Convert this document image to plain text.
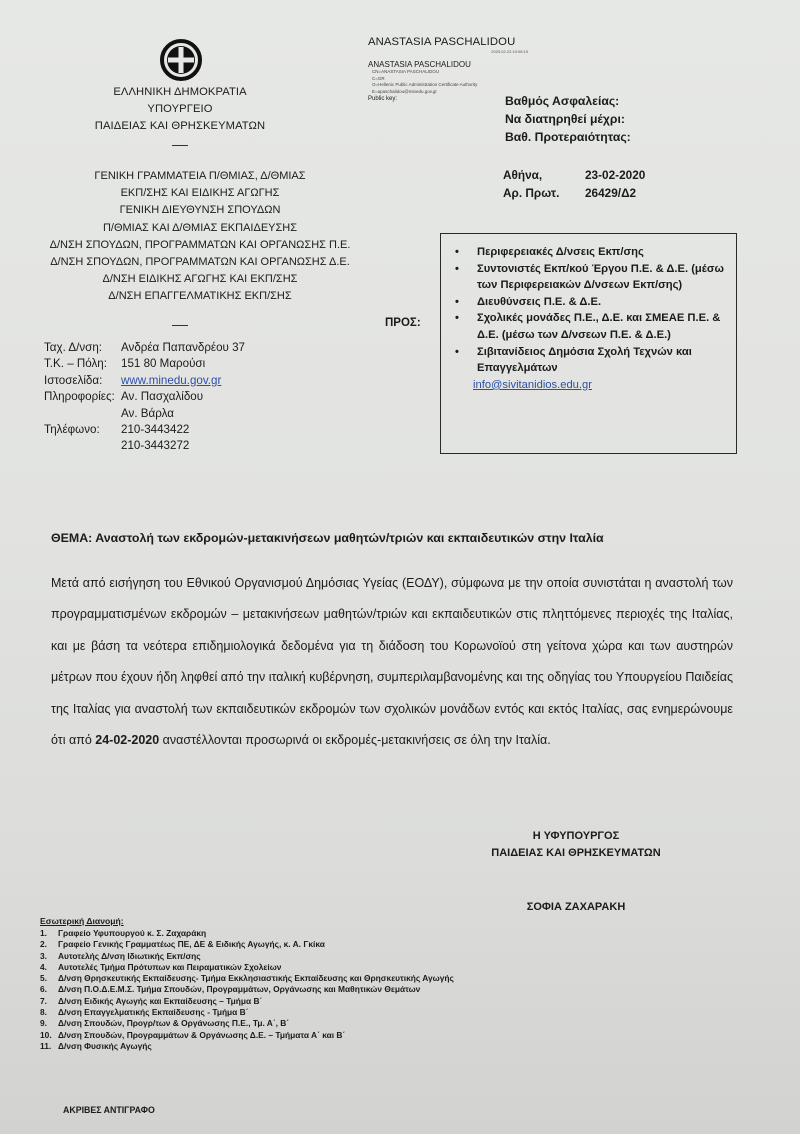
ΕΛΛΗΝΙΚΗ ΔΗΜΟΚΡΑΤΙΑ
ΥΠΟΥΡΓΕΙΟ
ΠΑΙΔΕΙΑΣ ΚΑΙ ΘΡΗΣΚΕΥΜΑΤΩΝ
ΓΕΝΙΚΗ ΓΡΑΜΜΑΤΕΙΑ Π/ΘΜΙΑΣ, Δ/ΘΜΙΑΣ
ΕΚΠ/ΣΗΣ ΚΑΙ ΕΙΔΙΚΗΣ ΑΓΩΓΗΣ
ΓΕΝΙΚΗ ΔΙΕΥΘΥΝΣΗ ΣΠΟΥΔΩΝ
Π/ΘΜΙΑΣ ΚΑΙ Δ/ΘΜΙΑΣ ΕΚΠΑΙΔΕΥΣΗΣ
Δ/ΝΣΗ ΣΠΟΥΔΩΝ, ΠΡΟΓΡΑΜΜΑΤΩΝ ΚΑΙ ΟΡΓΑΝΩΣΗΣ Π.Ε.
Δ/ΝΣΗ ΣΠΟΥΔΩΝ, ΠΡΟΓΡΑΜΜΑΤΩΝ ΚΑΙ ΟΡΓΑΝΩΣΗΣ Δ.Ε.
Δ/ΝΣΗ ΕΙΔΙΚΗΣ ΑΓΩΓΗΣ ΚΑΙ ΕΚΠ/ΣΗΣ
Δ/ΝΣΗ ΕΠΑΓΓΕΛΜΑΤΙΚΗΣ ΕΚΠ/ΣΗΣ
Ταχ. Δ/νση:	Ανδρέα Παπανδρέου 37
Τ.Κ. – Πόλη:	151 80 Μαρούσι
Ιστοσελίδα:	www.minedu.gov.gr
Πληροφορίες: Αν. Πασχαλίδου
Αν. Βάρλα
Τηλέφωνο:	210-3443422
210-3443272
ANASTASIA PASCHALIDOU
2020.02.23 19:08:15
ANASTASIA PASCHALIDOU
CN=ANASTASIA PASCHALIDOU
C=GR
O=Hellenic Public Administration Certificate Authority
E=apaschalidou@minedu.gov.gr
Public key:	Βαθμός Ασφαλείας:
Να διατηρηθεί μέχρι:
Βαθ. Προτεραιότητας:
Αθήνα,	23-02-2020
Αρ. Πρωτ.	26429/Δ2
ΠΡΟΣ:
•	Περιφερειακές Δ/νσεις Εκπ/σης
•	Συντονιστές Εκπ/κού Έργου Π.Ε. & Δ.Ε. (μέσω των Περιφερειακών Δ/νσεων Εκπ/σης)
•	Διευθύνσεις Π.Ε. & Δ.Ε.
•	Σχολικές μονάδες Π.Ε., Δ.Ε. και ΣΜΕΑΕ Π.Ε. & Δ.Ε. (μέσω των Δ/νσεων Π.Ε. & Δ.Ε.)
•	Σιβιτανίδειος Δημόσια Σχολή Τεχνών και Επαγγελμάτων
info@sivitanidios.edu.gr
ΘΕΜΑ: Αναστολή των εκδρομών-μετακινήσεων μαθητών/τριών και εκπαιδευτικών στην Ιταλία
Μετά από εισήγηση του Εθνικού Οργανισμού Δημόσιας Υγείας (ΕΟΔΥ), σύμφωνα με την οποία συνιστάται η αναστολή των προγραμματισμένων εκδρομών – μετακινήσεων μαθητών/τριών και εκπαιδευτικών στις πληττόμενες περιοχές της Ιταλίας, και με βάση τα νεότερα επιδημιολογικά δεδομένα για τη διάδοση του Κορωνοϊού στη γείτονα χώρα και των αυστηρών μέτρων που έχουν ήδη ληφθεί από την ιταλική κυβέρνηση, συμπεριλαμβανομένης και της οδηγίας του Υπουργείου Παιδείας της Ιταλίας για αναστολή των εκπαιδευτικών εκδρομών των σχολικών μονάδων εντός και εκτός Ιταλίας, σας ενημερώνουμε ότι από 24-02-2020 αναστέλλονται προσωρινά οι εκδρομές-μετακινήσεις σε όλη την Ιταλία.
Η ΥΦΥΠΟΥΡΓΟΣ
ΠΑΙΔΕΙΑΣ ΚΑΙ ΘΡΗΣΚΕΥΜΑΤΩΝ
ΣΟΦΙΑ ΖΑΧΑΡΑΚΗ
Εσωτερική Διανομή:
1.	Γραφείο Υφυπουργού κ. Σ. Ζαχαράκη
2.	Γραφείο Γενικής Γραμματέως ΠΕ, ΔΕ & Ειδικής Αγωγής, κ. Α. Γκίκα
3.	Αυτοτελής Δ/νση Ιδιωτικής Εκπ/σης
4.	Αυτοτελές Τμήμα Πρότυπων και Πειραματικών Σχολείων
5.	Δ/νση Θρησκευτικής Εκπαίδευσης- Τμήμα Εκκλησιαστικής Εκπαίδευσης και Θρησκευτικής Αγωγής
6.	Δ/νση Π.Ο.Δ.Ε.Μ.Σ. Τμήμα Σπουδών, Προγραμμάτων, Οργάνωσης και Μαθητικών Θεμάτων
7.	Δ/νση Ειδικής Αγωγής και Εκπαίδευσης – Τμήμα Β΄
8.	Δ/νση Επαγγελματικής Εκπαίδευσης - Τμήμα Β΄
9.	Δ/νση Σπουδών, Προγρ/των & Οργάνωσης Π.Ε., Τμ. Α΄, Β΄
10. Δ/νση Σπουδών, Προγραμμάτων & Οργάνωσης Δ.Ε. – Τμήματα Α΄ και Β΄
11. Δ/νση Φυσικής Αγωγής
ΑΚΡΙΒΕΣ ΑΝΤΙΓΡΑΦΟ
